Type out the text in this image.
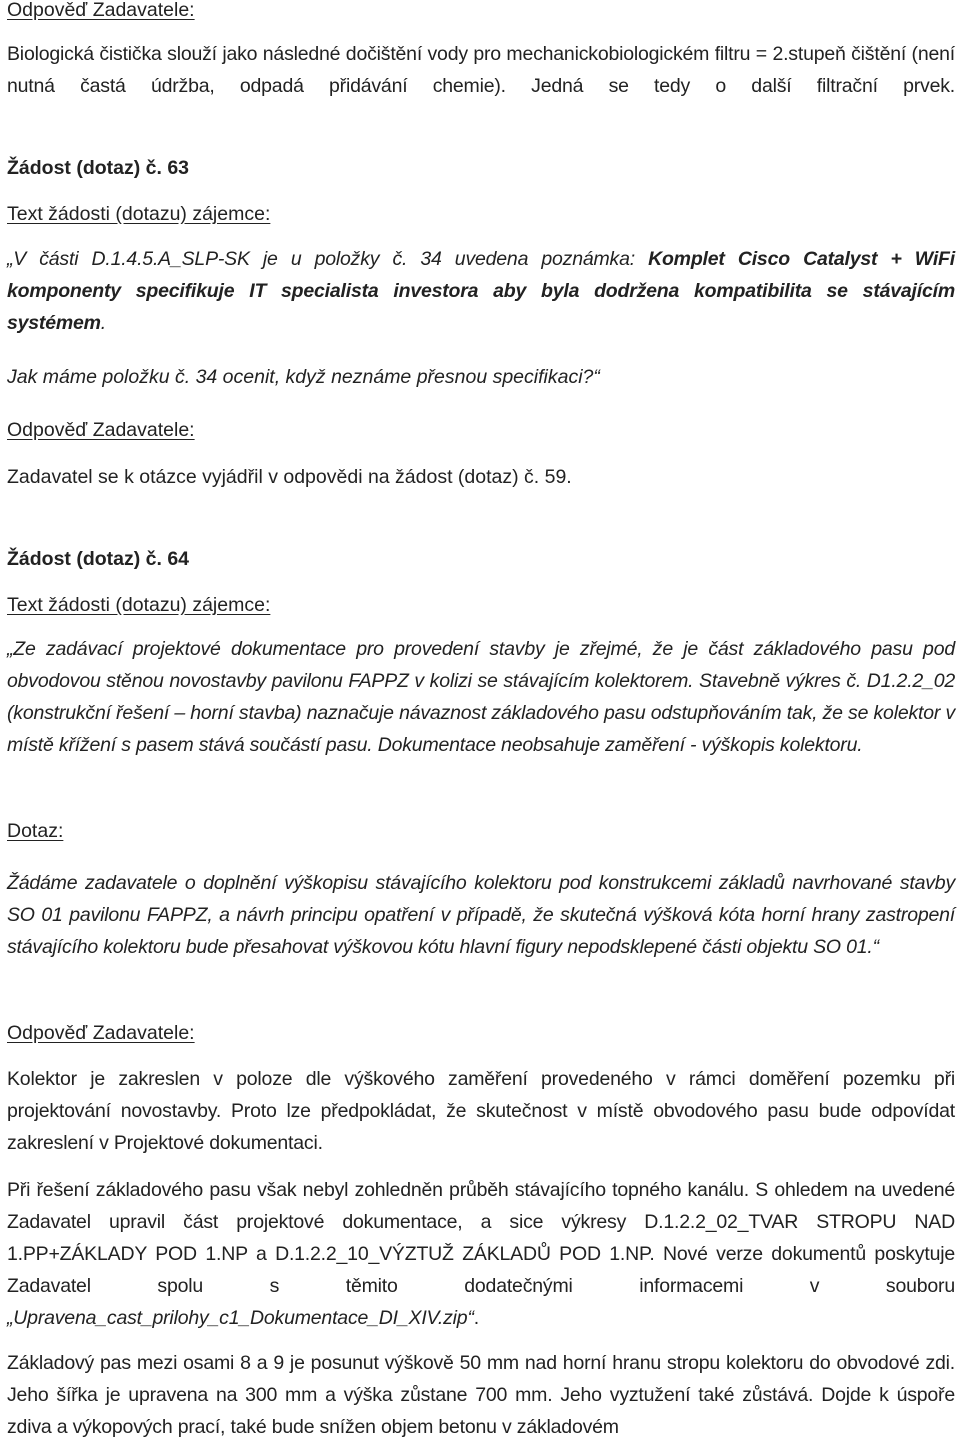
Odpověď Zadavatele:
Biologická čistička slouží jako následné dočištění vody pro mechanickobiologickém filtru = 2.stupeň čištění (není nutná častá údržba, odpadá přidávání chemie). Jedná se tedy o další filtrační prvek.
Žádost (dotaz) č. 63
Text žádosti (dotazu) zájemce:
„V části D.1.4.5.A_SLP-SK je u položky č. 34 uvedena poznámka: Komplet Cisco Catalyst + WiFi komponenty specifikuje IT specialista investora aby byla dodržena kompatibilita se stávajícím systémem.
Jak máme položku č. 34 ocenit, když neznáme přesnou specifikaci?“
Odpověď Zadavatele:
Zadavatel se k otázce vyjádřil v odpovědi na žádost (dotaz) č. 59.
Žádost (dotaz) č. 64
Text žádosti (dotazu) zájemce:
„Ze zadávací projektové dokumentace pro provedení stavby je zřejmé, že je část základového pasu pod obvodovou stěnou novostavby pavilonu FAPPZ v kolizi se stávajícím kolektorem. Stavebně výkres č. D1.2.2_02 (konstrukční řešení – horní stavba) naznačuje návaznost základového pasu odstupňováním tak, že se kolektor v místě křížení s pasem stává součástí pasu. Dokumentace neobsahuje zaměření - výškopis kolektoru.
Dotaz:
Žádáme zadavatele o doplnění výškopisu stávajícího kolektoru pod konstrukcemi základů navrhované stavby SO 01 pavilonu FAPPZ, a návrh principu opatření v případě, že skutečná výšková kóta horní hrany zastropení stávajícího kolektoru bude přesahovat výškovou kótu hlavní figury nepodsklepené části objektu SO 01.“
Odpověď Zadavatele:
Kolektor je zakreslen v poloze dle výškového zaměření provedeného v rámci doměření pozemku při projektování novostavby. Proto lze předpokládat, že skutečnost v místě obvodového pasu bude odpovídat zakreslení v Projektové dokumentaci.
Při řešení základového pasu však nebyl zohledněn průběh stávajícího topného kanálu. S ohledem na uvedené Zadavatel upravil část projektové dokumentace, a sice výkresy D.1.2.2_02_TVAR STROPU NAD 1.PP+ZÁKLADY POD 1.NP a D.1.2.2_10_VÝZTUŽ ZÁKLADŮ POD 1.NP. Nové verze dokumentů poskytuje Zadavatel spolu s těmito dodatečnými informacemi v souboru „Upravena_cast_prilohy_c1_Dokumentace_DI_XIV.zip“.
Základový pas mezi osami 8 a 9 je posunut výškově 50 mm nad horní hranu stropu kolektoru do obvodové zdi. Jeho šířka je upravena na 300 mm a výška zůstane 700 mm. Jeho vyztužení také zůstává. Dojde k úspoře zdiva a výkopových prací, také bude snížen objem betonu v základovém
